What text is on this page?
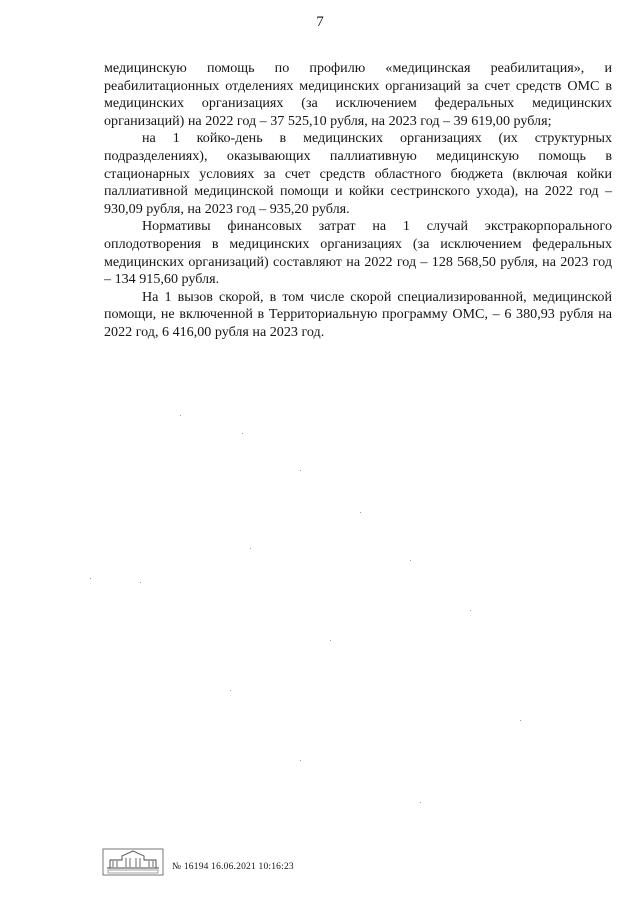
7

медицинскую помощь по профилю «медицинская реабилитация», и реабилитационных отделениях медицинских организаций за счет средств ОМС в медицинских организациях (за исключением федеральных медицинских организаций) на 2022 год – 37 525,10 рубля, на 2023 год – 39 619,00 рубля;

на 1 койко-день в медицинских организациях (их структурных подразделениях), оказывающих паллиативную медицинскую помощь в стационарных условиях за счет средств областного бюджета (включая койки паллиативной медицинской помощи и койки сестринского ухода), на 2022 год – 930,09 рубля, на 2023 год – 935,20 рубля.

Нормативы финансовых затрат на 1 случай экстракорпорального оплодотворения в медицинских организациях (за исключением федеральных медицинских организаций) составляют на 2022 год – 128 568,50 рубля, на 2023 год – 134 915,60 рубля.

На 1 вызов скорой, в том числе скорой специализированной, медицинской помощи, не включенной в Территориальную программу ОМС, – 6 380,93 рубля на 2022 год, 6 416,00 рубля на 2023 год.

№ 16194 16.06.2021 10:16:23
